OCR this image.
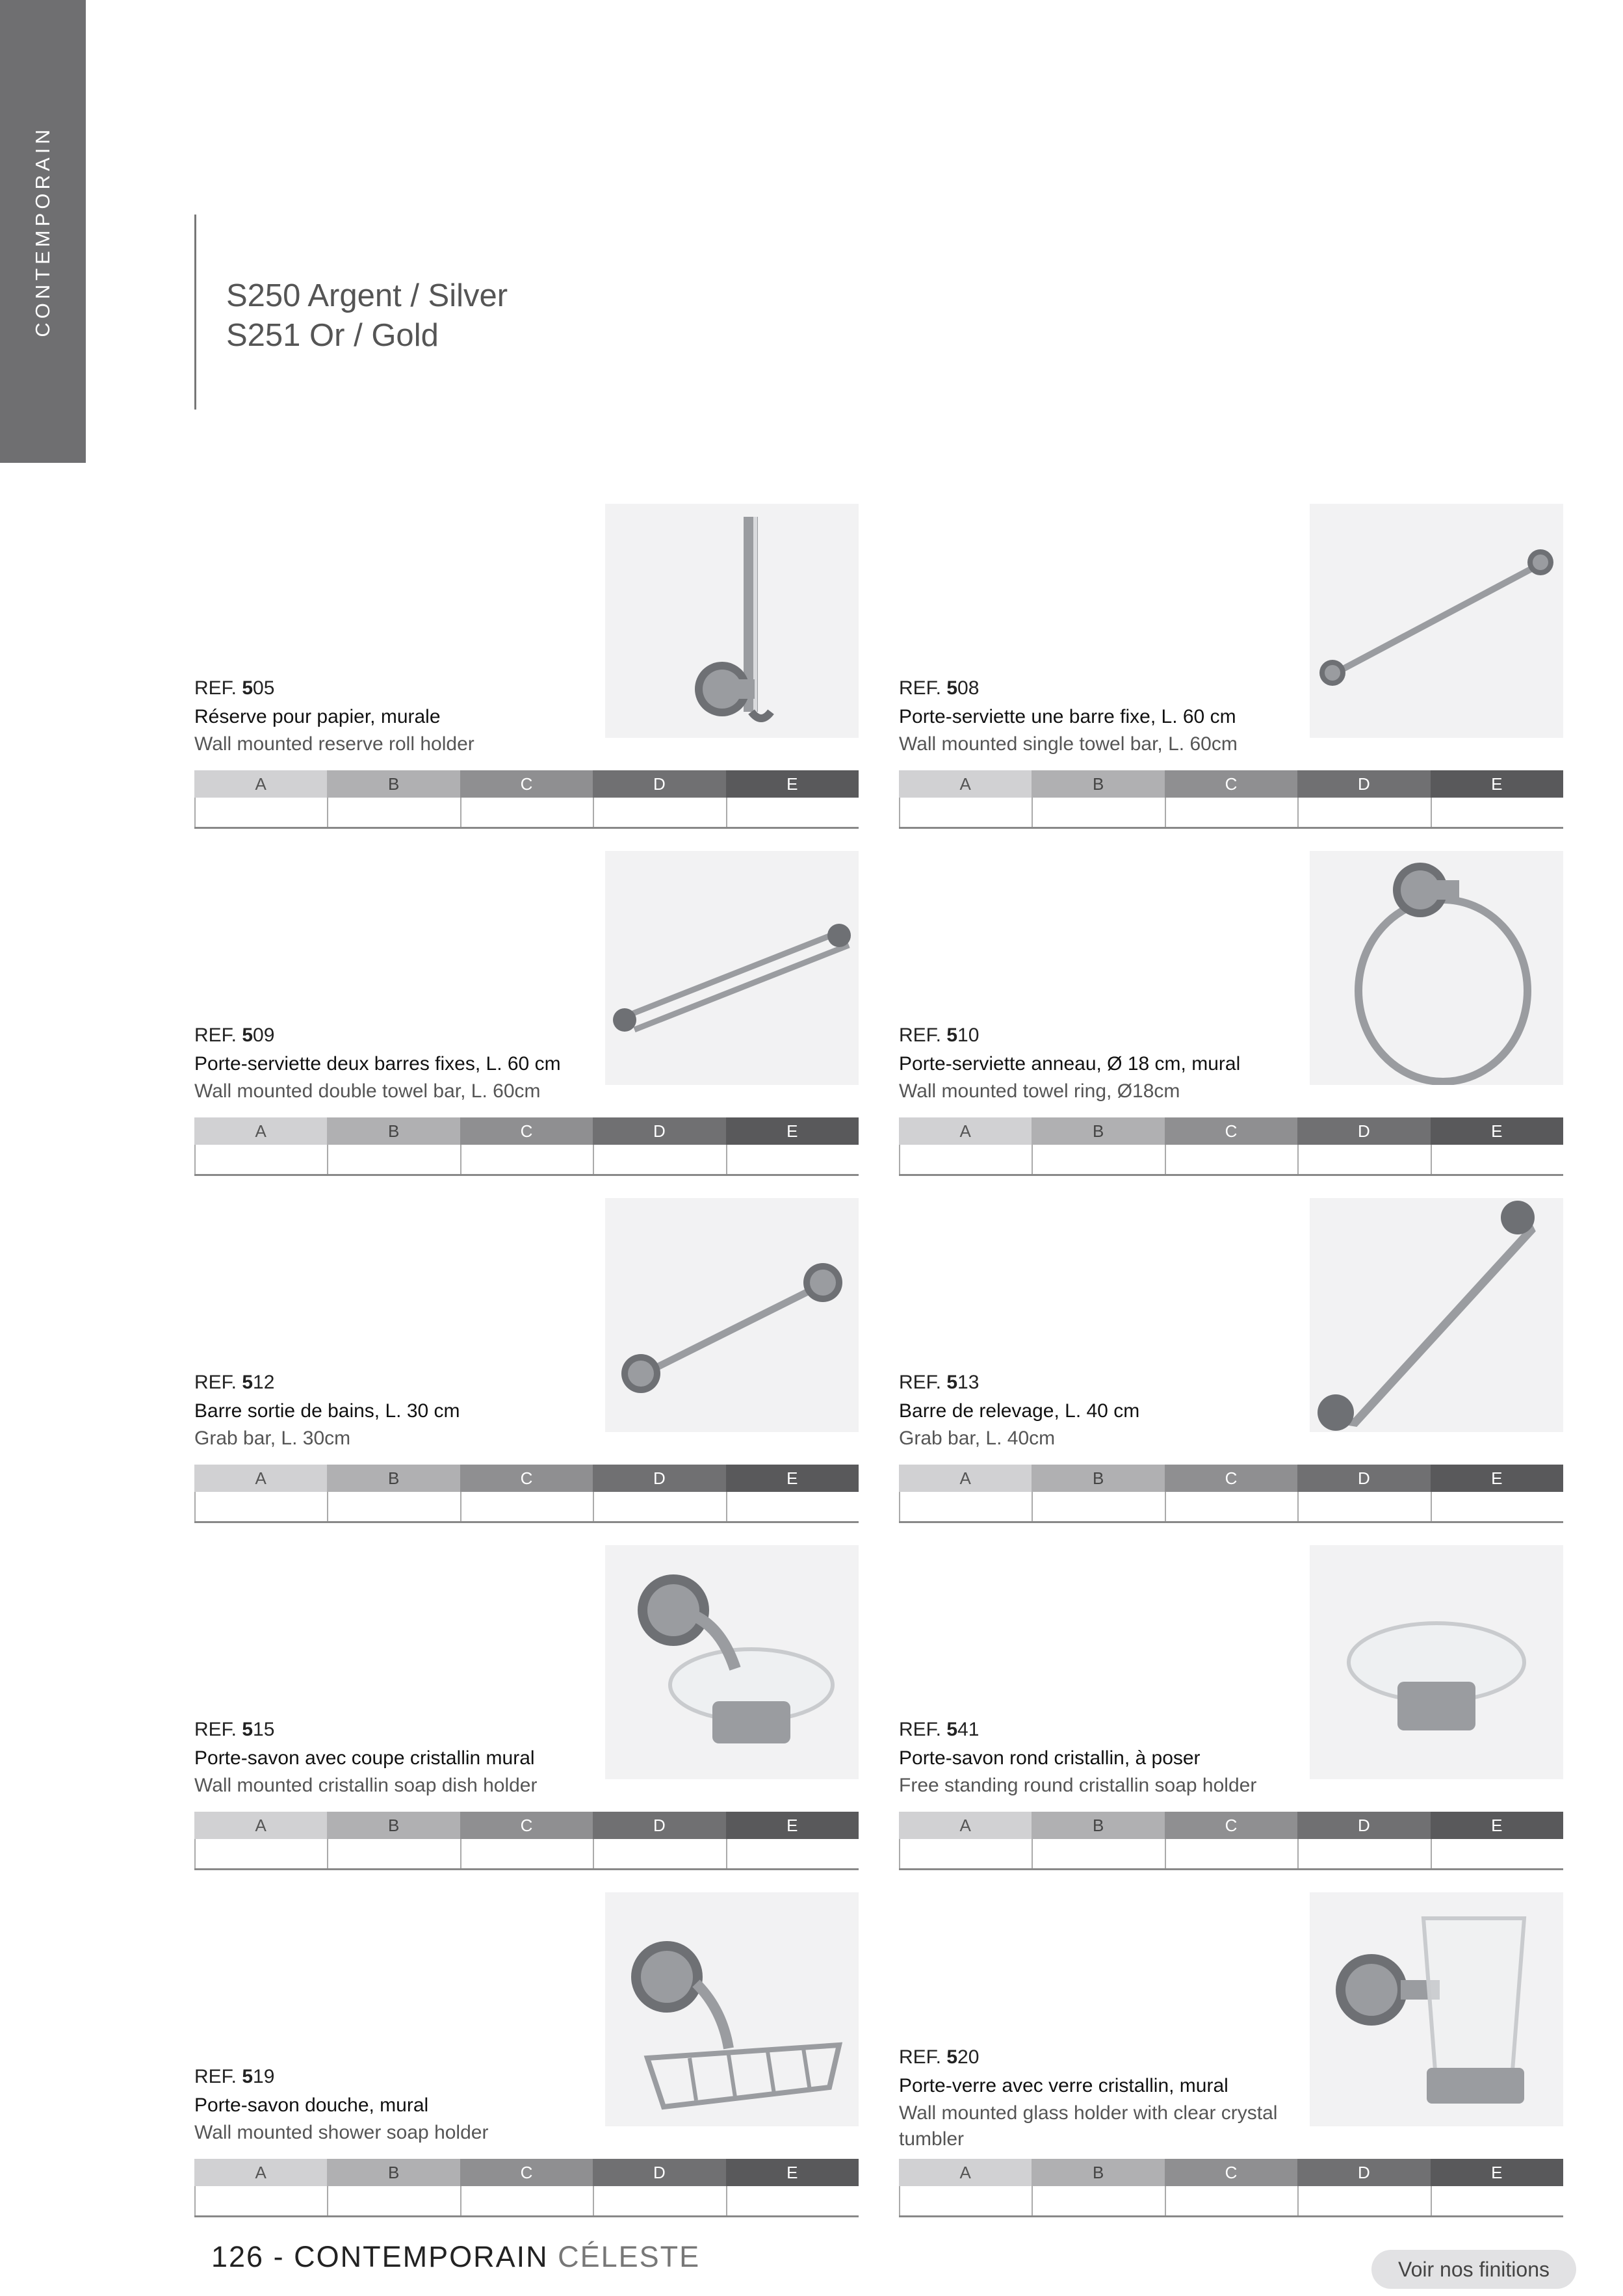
CONTEMPORAIN	S250 Argent / Silver
S251 Or / Gold
REF. 505
Réserve pour papier, murale
Wall mounted reserve roll holder
A	B	C	D	E
REF. 508
Porte-serviette une barre fixe, L. 60 cm
Wall mounted single towel bar, L. 60cm
A	B	C	D	E
REF. 509
Porte-serviette deux barres fixes, L. 60 cm
Wall mounted double towel bar, L. 60cm
A	B	C	D	E
REF. 510
Porte-serviette anneau, Ø 18 cm, mural
Wall mounted towel ring, Ø18cm
A	B	C	D	E
REF. 512
Barre sortie de bains, L. 30 cm
Grab bar, L. 30cm
A	B	C	D	E
REF. 513
Barre de relevage, L. 40 cm
Grab bar, L. 40cm
A	B	C	D	E
REF. 515
Porte-savon avec coupe cristallin mural
Wall mounted cristallin soap dish holder
A	B	C	D	E
REF. 541
Porte-savon rond cristallin, à poser
Free standing round cristallin soap holder
A	B	C	D	E
REF. 519
Porte-savon douche, mural
Wall mounted shower soap holder
A	B	C	D	E
REF. 520
Porte-verre avec verre cristallin, mural
Wall mounted glass holder with clear crystal tumbler
A	B	C	D	E
126 - CONTEMPORAIN CÉLESTE	Voir nos finitions
